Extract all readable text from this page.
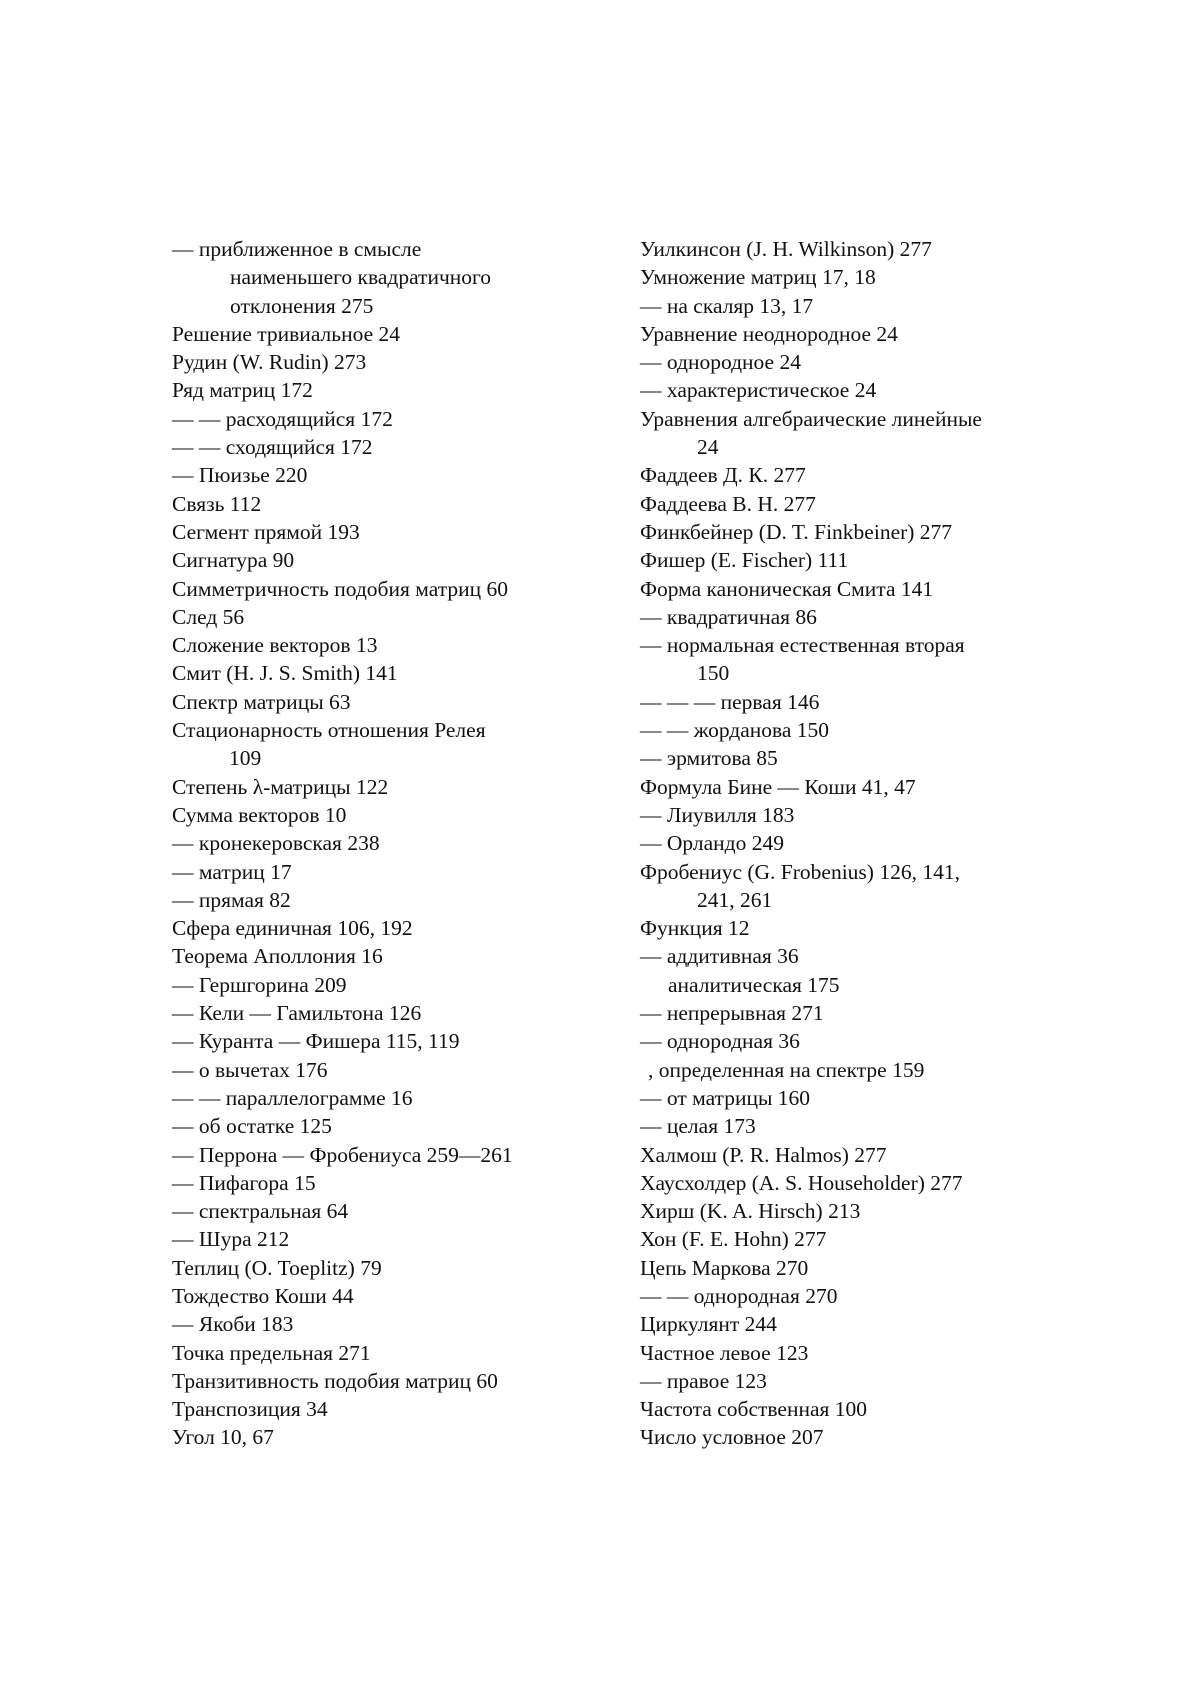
— приближенное в смысле
наименьшего квадратичного
отклонения 275
Решение тривиальное 24
Рудин (W. Rudin) 273
Ряд матриц 172
— — расходящийся 172
— — сходящийся 172
— Пюизье 220
Связь 112
Сегмент прямой 193
Сигнатура 90
Симметричность подобия матриц 60
След 56
Сложение векторов 13
Смит (H. J. S. Smith) 141
Спектр матрицы 63
Стационарность отношения Релея
109
Степень λ-матрицы 122
Сумма векторов 10
— кронекеровская 238
— матриц 17
— прямая 82
Сфера единичная 106, 192
Теорема Аполлония 16
— Гершгорина 209
— Кели — Гамильтона 126
— Куранта — Фишера 115, 119
— о вычетах 176
— — параллелограмме 16
— об остатке 125
— Перрона — Фробениуса 259—261
— Пифагора 15
— спектральная 64
— Шура 212
Теплиц (O. Toeplitz) 79
Тождество Коши 44
— Якоби 183
Точка предельная 271
Транзитивность подобия матриц 60
Транспозиция 34
Угол 10, 67
Уилкинсон (J. H. Wilkinson) 277
Умножение матриц 17, 18
— на скаляр 13, 17
Уравнение неоднородное 24
— однородное 24
— характеристическое 24
Уравнения алгебраические линейные
24
Фаддеев Д. К. 277
Фаддеева В. Н. 277
Финкбейнер (D. T. Finkbeiner) 277
Фишер (E. Fischer) 111
Форма каноническая Смита 141
— квадратичная 86
— нормальная естественная вторая
150
— — — первая 146
— — жорданова 150
— эрмитова 85
Формула Бине — Коши 41, 47
— Лиувилля 183
— Орландо 249
Фробениус (G. Frobenius) 126, 141,
241, 261
Функция 12
— аддитивная 36
аналитическая 175
— непрерывная 271
— однородная 36
, определенная на спектре 159
— от матрицы 160
— целая 173
Халмош (P. R. Halmos) 277
Хаусхолдер (A. S. Householder) 277
Хирш (K. A. Hirsch) 213
Хон (F. E. Hohn) 277
Цепь Маркова 270
— — однородная 270
Циркулянт 244
Частное левое 123
— правое 123
Частота собственная 100
Число условное 207
